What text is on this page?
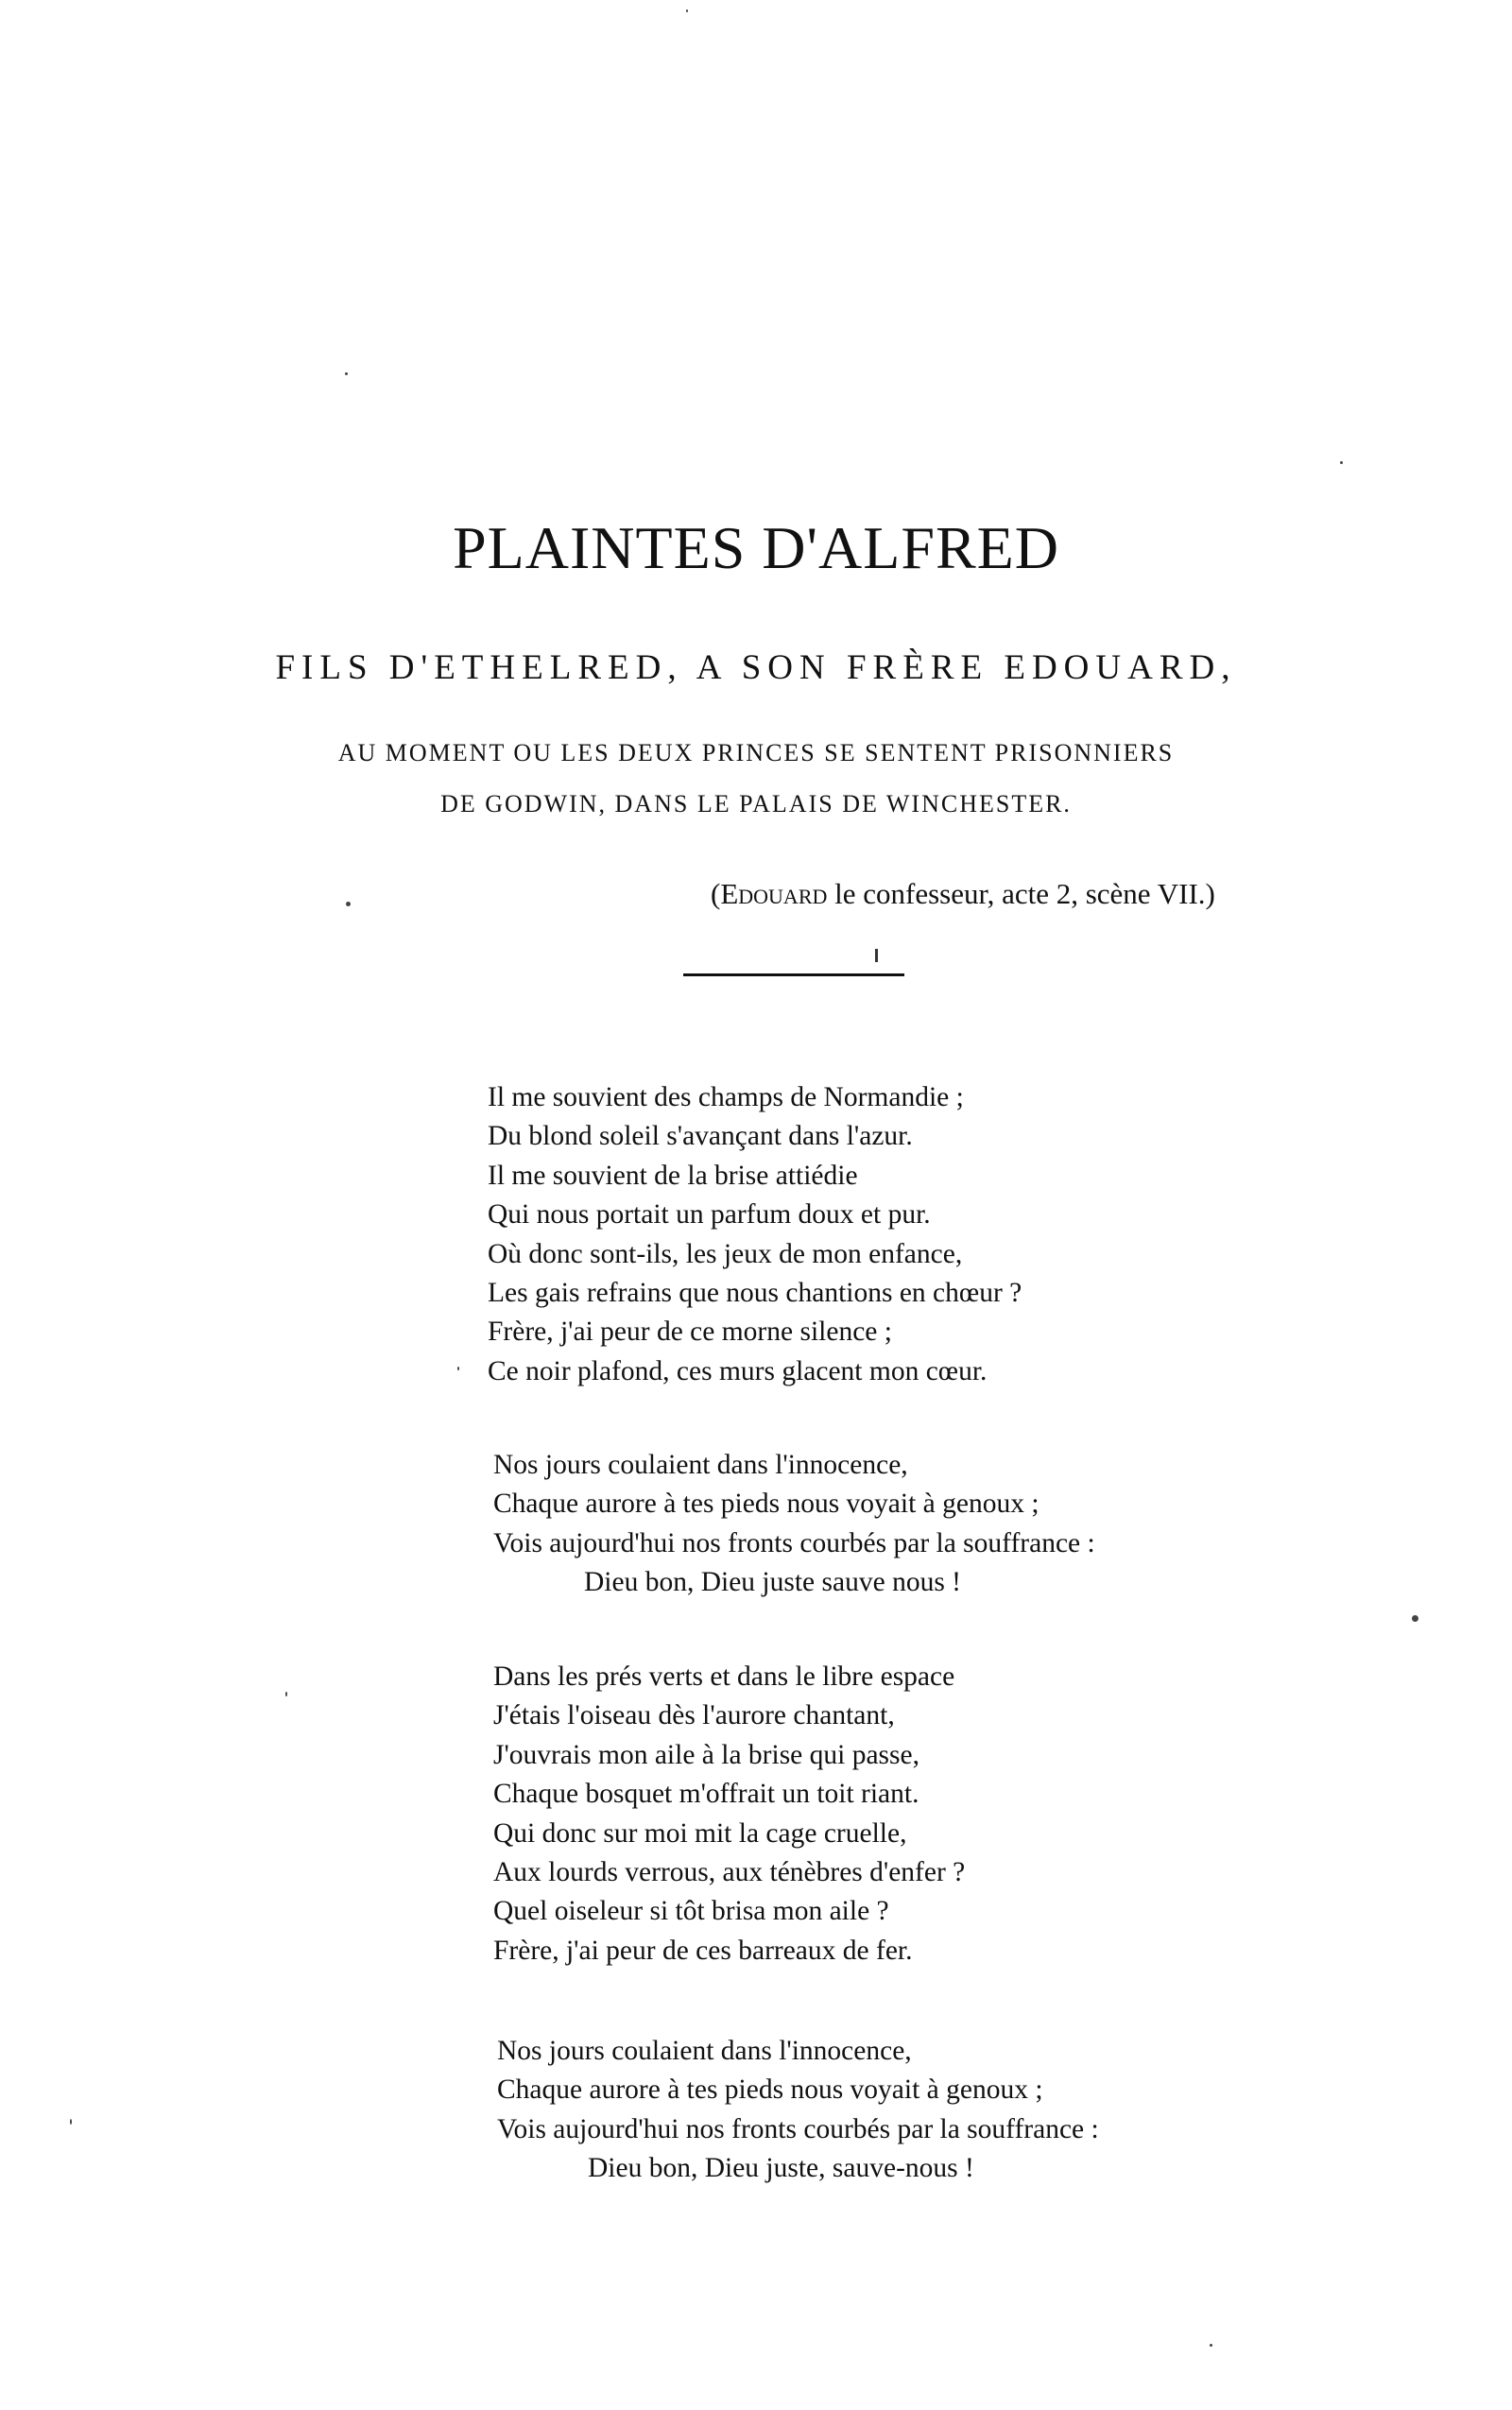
PLAINTES D'ALFRED
FILS D'ETHELRED, A SON FRÈRE EDOUARD,
AU MOMENT OU LES DEUX PRINCES SE SENTENT PRISONNIERS
DE GODWIN, DANS LE PALAIS DE WINCHESTER.
(Edouard le confesseur, acte 2, scène VII.)
Il me souvient des champs de Normandie ;
Du blond soleil s'avançant dans l'azur.
Il me souvient de la brise attiédie
Qui nous portait un parfum doux et pur.
Où donc sont-ils, les jeux de mon enfance,
Les gais refrains que nous chantions en chœur ?
Frère, j'ai peur de ce morne silence ;
Ce noir plafond, ces murs glacent mon cœur.
Nos jours coulaient dans l'innocence,
Chaque aurore à tes pieds nous voyait à genoux ;
Vois aujourd'hui nos fronts courbés par la souffrance :
Dieu bon, Dieu juste sauve nous !
Dans les prés verts et dans le libre espace
J'étais l'oiseau dès l'aurore chantant,
J'ouvrais mon aile à la brise qui passe,
Chaque bosquet m'offrait un toit riant.
Qui donc sur moi mit la cage cruelle,
Aux lourds verrous, aux ténèbres d'enfer ?
Quel oiseleur si tôt brisa mon aile ?
Frère, j'ai peur de ces barreaux de fer.
Nos jours coulaient dans l'innocence,
Chaque aurore à tes pieds nous voyait à genoux ;
Vois aujourd'hui nos fronts courbés par la souffrance :
Dieu bon, Dieu juste, sauve-nous !
